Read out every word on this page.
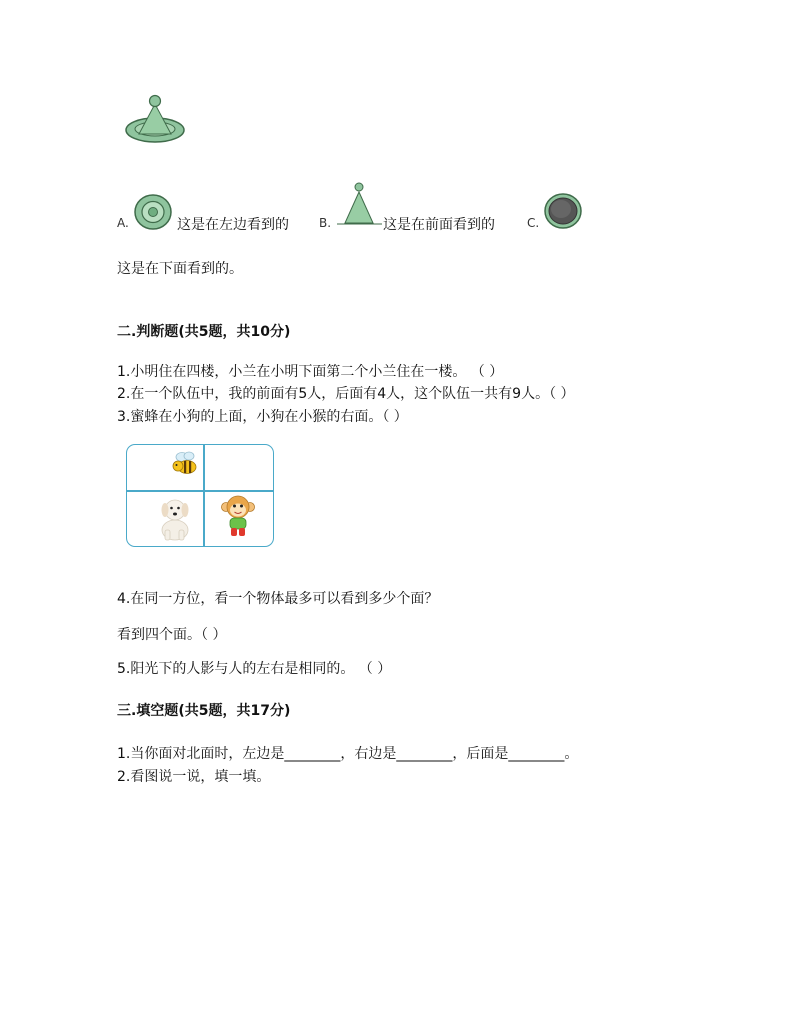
A.	这是在左边看到的	B.	这是在前面看到的	C.
这是在下面看到的。
二.判断题(共5题，共10分)
1.小明住在四楼，小兰在小明下面第二个小兰住在一楼。 （ ）
2.在一个队伍中，我的前面有5人，后面有4人，这个队伍一共有9人。（ ）
3.蜜蜂在小狗的上面，小狗在小猴的右面。（ ）
4.在同一方位，看一个物体最多可以看到多少个面？
看到四个面。（ ）
5.阳光下的人影与人的左右是相同的。 （ ）
三.填空题(共5题，共17分)
1.当你面对北面时，左边是________，右边是________，后面是________。
2.看图说一说，填一填。
